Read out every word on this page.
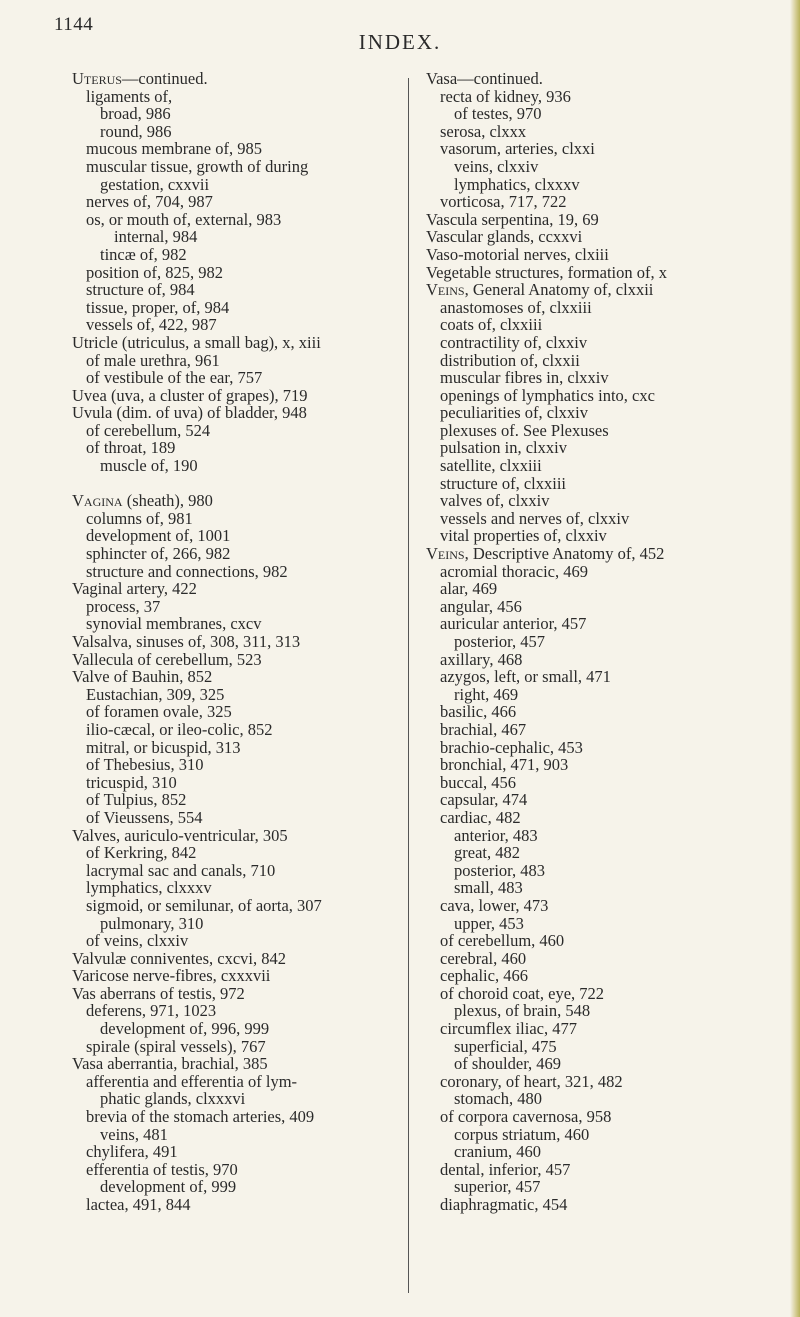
1144
INDEX.
Uterus—continued.
ligaments of,
broad, 986
round, 986
mucous membrane of, 985
muscular tissue, growth of during
gestation, cxxvii
nerves of, 704, 987
os, or mouth of, external, 983
internal, 984
tincæ of, 982
position of, 825, 982
structure of, 984
tissue, proper, of, 984
vessels of, 422, 987
Utricle (utriculus, a small bag), x, xiii
of male urethra, 961
of vestibule of the ear, 757
Uvea (uva, a cluster of grapes), 719
Uvula (dim. of uva) of bladder, 948
of cerebellum, 524
of throat, 189
muscle of, 190
Vagina (sheath), 980
columns of, 981
development of, 1001
sphincter of, 266, 982
structure and connections, 982
Vaginal artery, 422
process, 37
synovial membranes, cxcv
Valsalva, sinuses of, 308, 311, 313
Vallecula of cerebellum, 523
Valve of Bauhin, 852
Eustachian, 309, 325
of foramen ovale, 325
ilio-cæcal, or ileo-colic, 852
mitral, or bicuspid, 313
of Thebesius, 310
tricuspid, 310
of Tulpius, 852
of Vieussens, 554
Valves, auriculo-ventricular, 305
of Kerkring, 842
lacrymal sac and canals, 710
lymphatics, clxxxv
sigmoid, or semilunar, of aorta, 307
pulmonary, 310
of veins, clxxiv
Valvulæ conniventes, cxcvi, 842
Varicose nerve-fibres, cxxxvii
Vas aberrans of testis, 972
deferens, 971, 1023
development of, 996, 999
spirale (spiral vessels), 767
Vasa aberrantia, brachial, 385
afferentia and efferentia of lym-
phatic glands, clxxxvi
brevia of the stomach arteries, 409
veins, 481
chylifera, 491
efferentia of testis, 970
development of, 999
lactea, 491, 844
Vasa—continued.
recta of kidney, 936
of testes, 970
serosa, clxxx
vasorum, arteries, clxxi
veins, clxxiv
lymphatics, clxxxv
vorticosa, 717, 722
Vascula serpentina, 19, 69
Vascular glands, ccxxvi
Vaso-motorial nerves, clxiii
Vegetable structures, formation of, x
Veins, General Anatomy of, clxxii
anastomoses of, clxxiii
coats of, clxxiii
contractility of, clxxiv
distribution of, clxxii
muscular fibres in, clxxiv
openings of lymphatics into, cxc
peculiarities of, clxxiv
plexuses of. See Plexuses
pulsation in, clxxiv
satellite, clxxiii
structure of, clxxiii
valves of, clxxiv
vessels and nerves of, clxxiv
vital properties of, clxxiv
Veins, Descriptive Anatomy of, 452
acromial thoracic, 469
alar, 469
angular, 456
auricular anterior, 457
posterior, 457
axillary, 468
azygos, left, or small, 471
right, 469
basilic, 466
brachial, 467
brachio-cephalic, 453
bronchial, 471, 903
buccal, 456
capsular, 474
cardiac, 482
anterior, 483
great, 482
posterior, 483
small, 483
cava, lower, 473
upper, 453
of cerebellum, 460
cerebral, 460
cephalic, 466
of choroid coat, eye, 722
plexus, of brain, 548
circumflex iliac, 477
superficial, 475
of shoulder, 469
coronary, of heart, 321, 482
stomach, 480
of corpora cavernosa, 958
corpus striatum, 460
cranium, 460
dental, inferior, 457
superior, 457
diaphragmatic, 454
